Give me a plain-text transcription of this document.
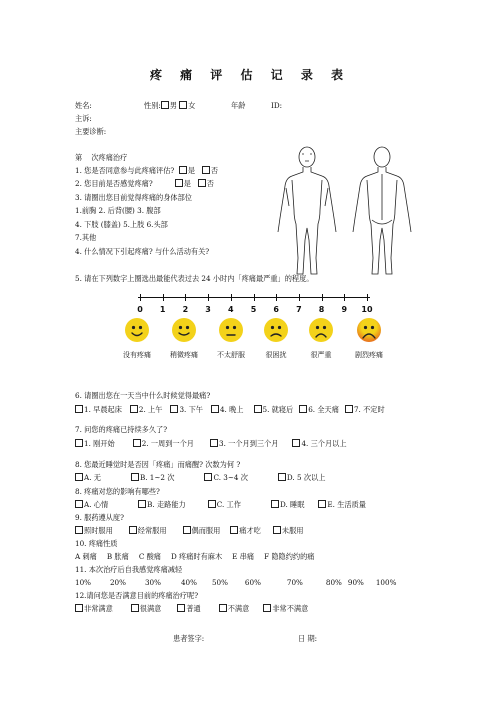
疼 痛 评 估 记 录 表
姓名:	性别: 男 女	年龄	ID:
主诉:
主要诊断:
第 次疼痛治疗
1. 您是否同意参与此疼痛评估? 是 否
2. 您目前是否感觉疼痛?	是 否
3. 请圈出您目前觉得疼痛的身体部位
1.前胸 2. 后背(腰) 3. 腹部
4. 下肢 (膝盖) 5.上肢 6.头部
7.其他
4. 什么情况下引起疼痛? 与什么活动有关?
5. 请在下列数字上圈选出最能代表过去 24 小时内「疼痛最严重」的程度。
0 1 2 3 4 5 6 7 8 9 10
没有疼痛	稍微疼痛	不太舒服	很困扰	很严重	剧烈疼痛
6. 请圈出您在一天当中什么时候觉得最痛?
1. 早晨起床 2. 上午 3. 下午 4. 晚上	5. 就寝后 6. 全天痛 7. 不定时
7. 问您的疼痛已持续多久了?
1. 刚开始	2. 一周到一个月	3. 一个月到三个月	4. 三个月以上
8. 您最近睡觉时是否因「疼痛」而痛醒? 次数为何 ?
A. 无	B. 1~2 次	C. 3~4 次	D. 5 次以上
8. 疼痛对您的影响有哪些?
A. 心情	B. 走路能力	C. 工作	D. 睡眠	E. 生活质量
9. 服药遵从度?
照时服用	经常服用	偶而服用	痛才吃	未服用
10. 疼痛性质
A 刺痛 B 胀痛 C 酸痛 D 疼痛时有麻木 E 串痛 F 隐隐约约的痛
11. 本次治疗后自我感觉疼痛减轻
10%	20%	30%	40% 50% 60%	70%	80% 90% 100%
12.请问您是否满意目前的疼痛治疗呢?
非常满意	很满意	普通	不满意	非常不满意
患者签字:	日 期:
